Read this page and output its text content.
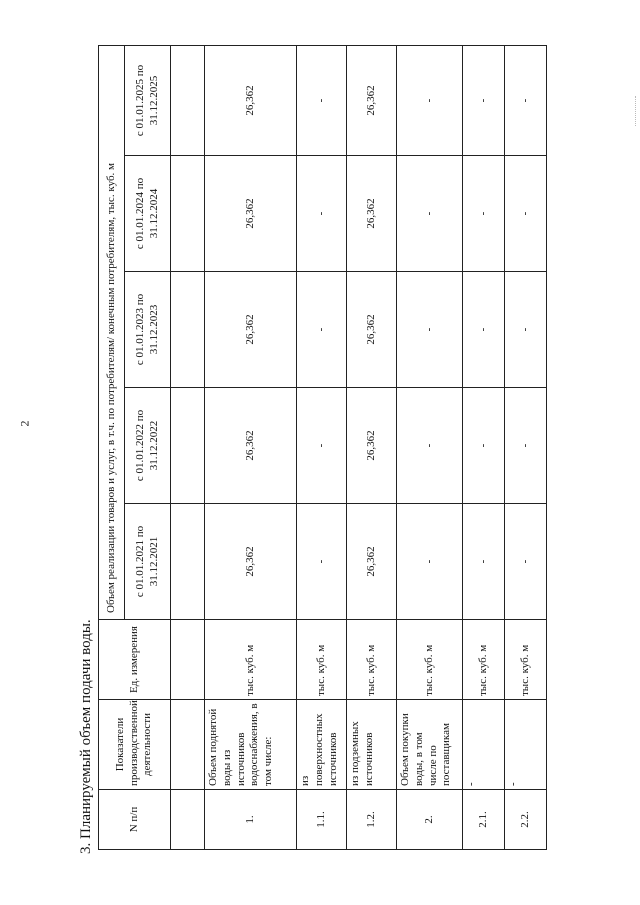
2
3. Планируемый объем подачи воды.	N п/п	Показатели производственной деятельности	Ед. измерения	Объем реализации товаров и услуг, в т.ч. по потребителям/ конечным потребителям, тыс. куб. м				
			с 01.01.2021 по 31.12.2021	с 01.01.2022 по 31.12.2022	с 01.01.2023 по 31.12.2023	с 01.01.2024 по 31.12.2024	с 01.01.2025 по 31.12.2025

1.	Объем поднятой воды из источников водоснабжения, в том числе:	тыс. куб. м	26,362	26,362	26,362	26,362	26,362
1.1.	из поверхностных источников	тыс. куб. м	-	-	-	-	-
1.2.	из подземных источников	тыс. куб. м	26,362	26,362	26,362	26,362	26,362
2.	Объем покупки воды, в том числе по поставщикам	тыс. куб. м	-	-	-	-	-
2.1.	-	тыс. куб. м	-	-	-	-	-
2.2.	-	тыс. куб. м	-	-	-	-	-
